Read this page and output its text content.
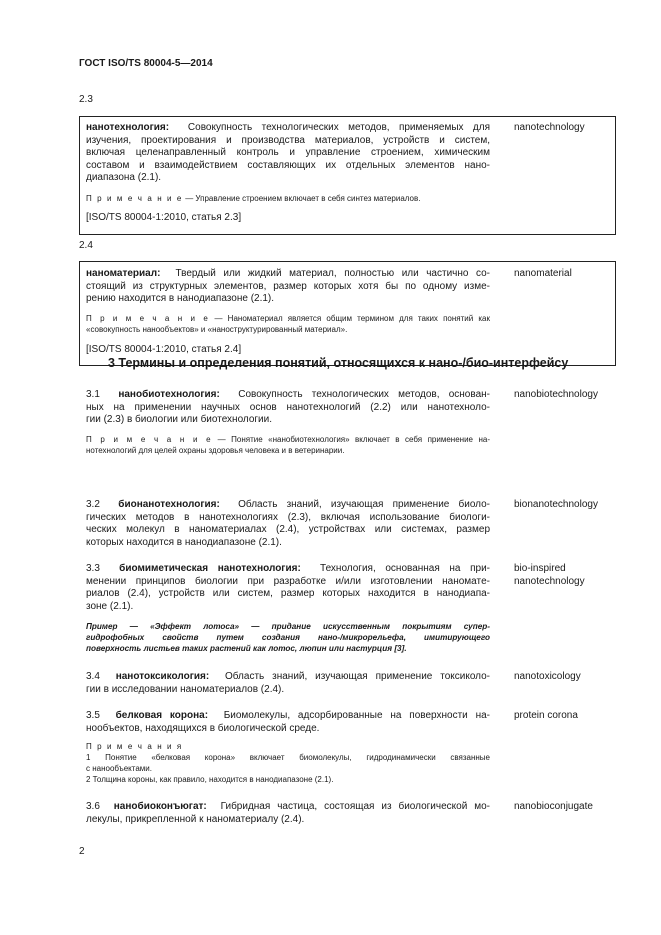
ГОСТ ISO/TS 80004-5—2014
2.3
нанотехнология: Совокупность технологических методов, применяемых для
изучения, проектирования и производства материалов, устройств и систем,
включая целенаправленный контроль и управление строением, химическим
составом и взаимодействием составляющих их отдельных элементов нано-
диапазона (2.1).
nanotechnology
П р и м е ч а н и е — Управление строением включает в себя синтез материалов.
[ISO/TS 80004-1:2010, статья 2.3]
2.4
наноматериал: Твердый или жидкий материал, полностью или частично со-
стоящий из структурных элементов, размер которых хотя бы по одному изме-
рению находится в нанодиапазоне (2.1).
nanomaterial
П р и м е ч а н и е — Наноматериал является общим термином для таких понятий как
«совокупность нанообъектов» и «наноструктурированный материал».
[ISO/TS 80004-1:2010, статья 2.4]
3 Термины и определения понятий, относящихся к нано-/био-интерфейсу
3.1 нанобиотехнология: Совокупность технологических методов, основан-
ных на применении научных основ нанотехнологий (2.2) или нанотехноло-
гии (2.3) в биологии или биотехнологии.
nanobiotechnology
П р и м е ч а н и е — Понятие «нанобиотехнология» включает в себя применение на-
нотехнологий для целей охраны здоровья человека и в ветеринарии.
3.2 бионанотехнология: Область знаний, изучающая применение биоло-
гических методов в нанотехнологиях (2.3), включая использование биологи-
ческих молекул в наноматериалах (2.4), устройствах или системах, размер
которых находится в нанодиапазоне (2.1).
bionanotechnology
3.3 биомиметическая нанотехнология: Технология, основанная на при-
менении принципов биологии при разработке и/или изготовлении наноматe-
риалов (2.4), устройств или систем, размер которых находится в нанодиапа-
зоне (2.1).
bio-inspired
nanotechnology
Пример — «Эффект лотоса» — придание искусственным покрытиям супер-
гидрофобных свойств путем создания нано-/микрорельефа, имитирующего
поверхность листьев таких растений как лотос, люпин или настурция [3].
3.4 нанотоксикология: Область знаний, изучающая применение токсиколо-
гии в исследовании наноматериалов (2.4).
nanotoxicology
3.5 белковая корона: Биомолекулы, адсорбированные на поверхности на-
нообъектов, находящихся в биологической среде.
protein corona
П р и м е ч а н и я
1 Понятие «белковая корона» включает биомолекулы, гидродинамически связанные
с нанообъектами.
2 Толщина короны, как правило, находится в нанодиапазоне (2.1).
3.6 нанобиоконъюгат: Гибридная частица, состоящая из биологической мо-
лекулы, прикрепленной к наноматериалу (2.4).
nanobioconjugate
2
